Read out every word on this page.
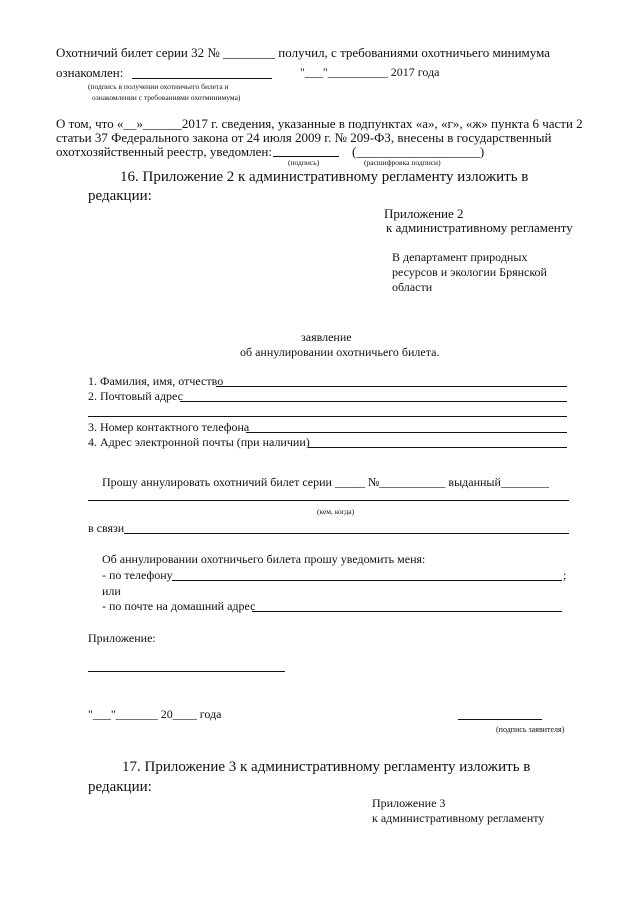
Охотничий билет серии 32 № ________ получил, с требованиями охотничьего минимума
ознакомлен:	"___"__________ 2017 года
(подпись в получении охотничьего билета и
ознакомлении с требованиями охотминимума)
О том, что «__»______2017 г. сведения, указанные в подпунктах «а», «г», «ж» пункта 6 части 2
статьи 37 Федерального закона от 24 июля 2009 г. № 209-ФЗ, внесены в государственный
охотхозяйственный реестр, уведомлен:	(___________________)
(подпись)	(расшифровка подписи)
16. Приложение 2 к административному регламенту изложить в
редакции:
Приложение 2
к административному регламенту
В департамент природных
ресурсов и экологии Брянской
области
заявление
об аннулировании охотничьего билета.
1. Фамилия, имя, отчество
2. Почтовый адрес
3. Номер контактного телефона
4. Адрес электронной почты (при наличии)
Прошу аннулировать охотничий билет серии _____ №___________ выданный________
(кем, когда)
в связи
Об аннулировании охотничьего билета прошу уведомить меня:
- по телефону	;
или
- по почте на домашний адрес
Приложение:
"___"_______ 20____ года
(подпись заявителя)
17. Приложение 3 к административному регламенту изложить в
редакции:
Приложение 3
к административному регламенту
